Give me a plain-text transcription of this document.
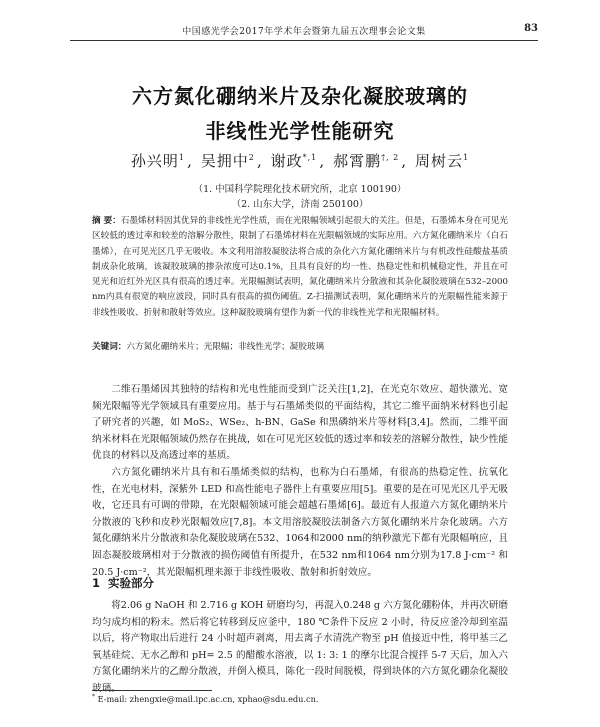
中国感光学会2017年学术年会暨第九届五次理事会论文集	83
六方氮化硼纳米片及杂化凝胶玻璃的
非线性光学性能研究
孙兴明$^1$ , 吴拥中$^2$ , 谢政$^{*,1}$ , 郝霄鹏$^{\dagger, 2}$ , 周树云$^1$
（1. 中国科学院理化技术研究所，北京 100190）
（2. 山东大学，济南 250100）
摘 要：石墨烯材料因其优异的非线性光学性质，而在光限幅领域引起很大的关注。但是，石墨烯本身在可见光区较低的透过率和较差的溶解分散性，限制了石墨烯材料在光限幅领域的实际应用。六方氮化硼纳米片（白石墨烯），在可见光区几乎无吸收。本文利用溶胶凝胶法将合成的杂化六方氮化硼纳米片与有机改性硅酸盐基质制成杂化玻璃，该凝胶玻璃的掺杂浓度可达0.1%，且具有良好的均一性、热稳定性和机械稳定性，并且在可见光和近红外光区具有很高的透过率。光限幅测试表明，氮化硼纳米片分散液和其杂化凝胶玻璃在532–2000 nm内具有很宽的响应波段，同时具有很高的损伤阈值。Z-扫描测试表明，氮化硼纳米片的光限幅性能来源于非线性吸收、折射和散射等效应。这种凝胶玻璃有望作为新一代的非线性光学和光限幅材料。
关键词：六方氮化硼纳米片；光限幅；非线性光学；凝胶玻璃

二维石墨烯因其独特的结构和光电性能而受到广泛关注[1,2]，在光克尔效应、超快激光、宽频光限幅等光学领域具有重要应用。基于与石墨烯类似的平面结构，其它二维平面纳米材料也引起了研究者的兴趣，如 MoS₂、WSe₂、h-BN、GaSe 和黑磷纳米片等材料[3,4]。然而，二维平面纳米材料在光限幅领域仍然存在挑战，如在可见光区较低的透过率和较差的溶解分散性，缺少性能优良的材料以及高透过率的基质。

六方氮化硼纳米片具有和石墨烯类似的结构，也称为白石墨烯，有很高的热稳定性、抗氧化性，在光电材料，深紫外 LED 和高性能电子器件上有重要应用[5]。重要的是在可见光区几乎无吸收，它还具有可调的带隙，在光限幅领域可能会超越石墨烯[6]。最近有人报道六方氮化硼纳米片分散液的飞秒和皮秒光限幅效应[7,8]。本文用溶胶凝胶法制备六方氮化硼纳米片杂化玻璃。六方氮化硼纳米片分散液和杂化凝胶玻璃在532、1064和2000 nm的纳秒激光下都有光限幅响应，且固态凝胶玻璃相对于分散液的损伤阈值有所提升，在532 nm和1064 nm分别为17.8 J·cm⁻² 和 20.5 J·cm⁻²，其光限幅机理来源于非线性吸收、散射和折射效应。

1 实验部分

将2.06 g NaOH 和 2.716 g KOH 研磨均匀，再混入0.248 g 六方氮化硼粉体，并再次研磨均匀成均相的粉末。然后将它转移到反应釜中，180 ℃条件下反应 2 小时，待反应釜冷却到室温以后，将产物取出后进行 24 小时超声剥离，用去离子水清洗产物至 pH 值接近中性，将甲基三乙氧基硅烷、无水乙醇和 pH= 2.5 的醋酸水溶液，以 1: 3: 1 的摩尔比混合搅拌 5-7 天后，加入六方氮化硼纳米片的乙醇分散液，并倒入模具，陈化一段时间脱模，得到块体的六方氮化硼杂化凝胶玻璃。

* E-mail: zhengxie@mail.ipc.ac.cn, xphao@sdu.edu.cn.
